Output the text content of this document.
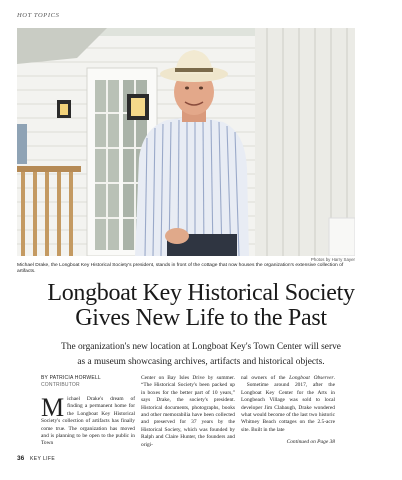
HOT TOPICS
Photos by Harry Sayer
Michael Drake, the Longboat Key Historical Society's president, stands in front of the cottage that now houses the organization's extensive collection of artifacts.
Longboat Key Historical Society
Gives New Life to the Past
The organization's new location at Longboat Key's Town Center will serve
as a museum showcasing archives, artifacts and historical objects.
BY PATRICIA HORWELL
CONTRIBUTOR
M ichael Drake's dream of finding a permanent home for the Longboat Key Historical Society's collection of artifacts has finally come true. The organization has moved and is planning to be open to the public in Town

Center on Bay Isles Drive by summer. “The Historical Society's been packed up in boxes for the better part of 10 years,” says Drake, the society's president. Historical documents, photographs, books and other memorabilia have been collected and preserved for 37 years by the Historical Society, which was founded by Ralph and Claire Hunter, the founders and origi-

nal owners of the Longboat Observer.  Sometime around 2017, after the Longboat Key Center for the Arts in Longbeach Village was sold to local developer Jim Clabaugh, Drake wondered what would become of the last two historic Whitney Beach cottages on the 2.5-acre site. Built in the late

Continued on Page 38
36 KEY LIFE
